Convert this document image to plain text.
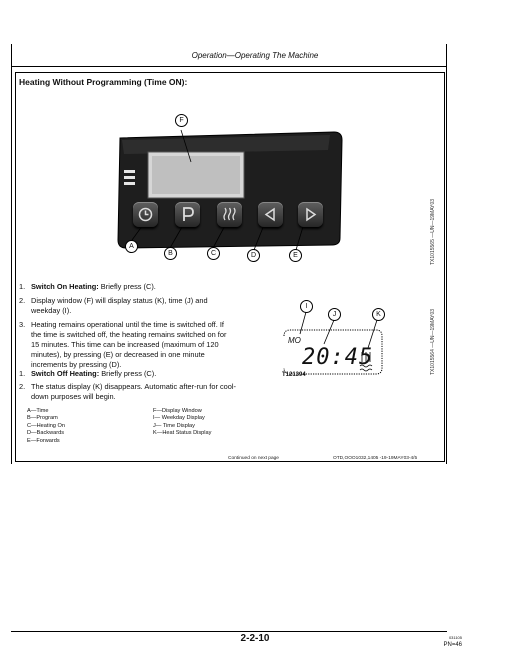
Operation—Operating The Machine
Heating Without Programming (Time ON):
F
A
B	C	D	E	TX1015565 —UN—19MAY03
1. Switch On Heating: Briefly press (C).
2. Display window (F) will display status (K), time (J) and weekday (I).
3. Heating remains operational until the time is switched off. If the time is switched off, the heating remains switched on for 15 minutes. This time can be increased (maximum of 120 minutes), by pressing (E) or decreased in one minute increments by pressing (D).
1. Switch Off Heating: Briefly press (C).
2. The status display (K) disappears. Automatic after-run for cool-down purposes will begin.
I
J	K
MO
20:45
T121394	TX1015564 —UN—19MAY03
A—Time
B—Program
C—Heating On
D—Backwards
E—Forwards
F—Display Window
I— Weekday Display
J— Time Display
K—Heat Status Display
Continued on next page	OTD,OOO1032,1405 -19-19MAY03-4/5
2-2-10	031105
PN=46
